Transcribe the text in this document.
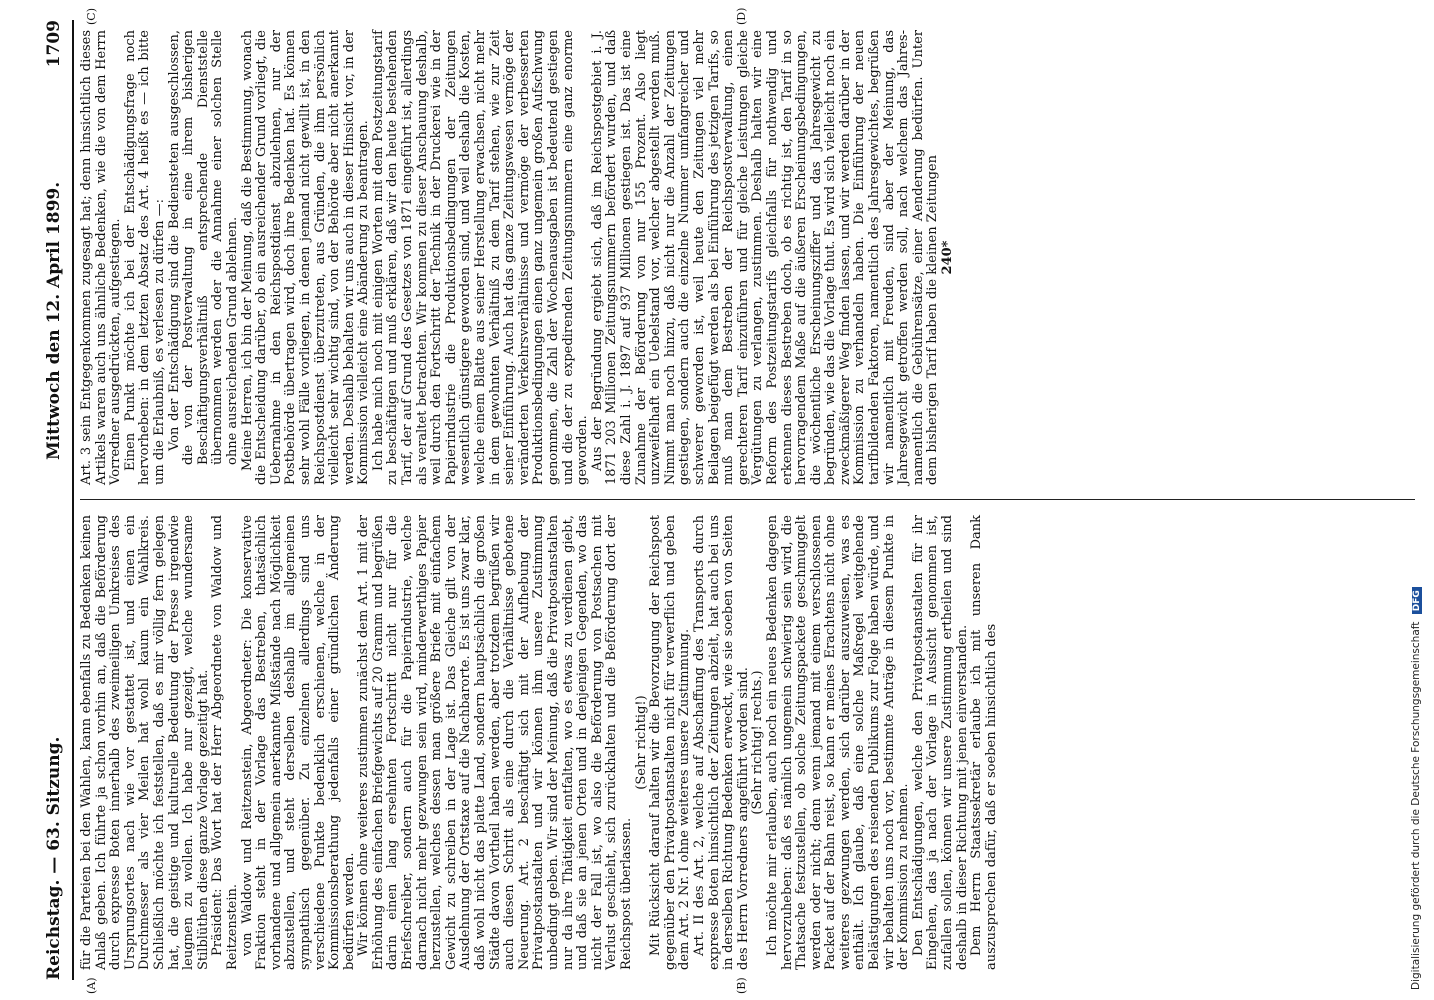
Reichstag. — 63. Sitzung.
Mittwoch den 12. April 1899.
1709

für die Parteien bei den Wahlen, kann ebenfalls zu Bedenken keinen Anlaß geben. Ich führte ja schon vorhin an, daß die Beförderung durch expresse Boten innerhalb des zweimeiligen Umkreises des Ursprungsortes nach wie vor gestattet ist, und einen ein Durchmesser als vier Meilen hat wohl kaum ein Wahlkreis. Schließlich möchte ich feststellen, daß es mir völlig fern gelegen hat, die geistige und kulturelle Bedeutung der Presse irgendwie leugnen zu wollen. Ich habe nur gezeigt, welche wundersame Stilblüthen diese ganze Vorlage gezeitigt hat. Präsident: Das Wort hat der Herr Abgeordnete von Waldow und Reitzenstein. von Waldow und Reitzenstein, Abgeordneter: Die konservative Fraktion steht in der Vorlage das Bestreben, thatsächlich vorhandene und allgemein anerkannte Mißstände nach Möglichkeit abzustellen, und steht derselben deshalb im allgemeinen sympathisch gegenüber. Zu einzelnen allerdings sind uns verschiedene Punkte bedenklich erschienen, welche in der Kommissionsberathung jedenfalls einer gründlichen Änderung bedürfen werden. Wir können ohne weiteres zustimmen zunächst dem Art. 1 mit der Erhöhung des einfachen Briefgewichts auf 20 Gramm und begrüßen darin einen lang ersehnten Fortschritt nicht nur für die Briefschreiber, sondern auch für die Papierindustrie, welche darnach nicht mehr gezwungen sein wird, minderwerthiges Papier herzustellen, welches dessen man größere Briefe mit einfachem Gewicht zu schreiben in der Lage ist. Das Gleiche gilt von der Ausdehnung der Ortstaxe auf die Nachbarorte. Es ist uns zwar klar, daß wohl nicht das platte Land, sondern hauptsächlich die großen Städte davon Vortheil haben werden, aber trotzdem begrüßen wir auch diesen Schritt als eine durch die Verhältnisse gebotene Neuerung. Art. 2 beschäftigt sich mit der Aufhebung der Privatpostanstalten und wir können ihm unsere Zustimmung unbedingt geben. Wir sind der Meinung, daß die Privatpostanstalten nur da ihre Thätigkeit entfalten, wo es etwas zu verdienen giebt, und daß sie an jenen Orten und in denjenigen Gegenden, wo das nicht der Fall ist, wo also die Beförderung von Postsachen mit Verlust geschieht, sich zurückhalten und die Beförderung dort der Reichspost überlassen.

(Sehr richtig!) Mit Rücksicht darauf halten wir die Bevorzugung der Reichspost gegenüber den Privatpostanstalten nicht für verwerflich und geben dem Art. 2 Nr. I ohne weiteres unsere Zustimmung. Art. II des Art. 2, welche auf Abschaffung des Transports durch expresse Boten hinsichtlich der Zeitungen abzielt, hat auch bei uns in derselben Richtung Bedenken erweckt, wie sie soeben von Seiten des Herrn Vorredners angeführt worden sind. (Sehr richtig! rechts.) Ich möchte mir erlauben, auch noch ein neues Bedenken dagegen hervorzuheben: daß es nämlich ungemein schwierig sein wird, die Thatsache festzustellen, ob solche Zeitungspackete geschmuggelt werden oder nicht; denn wenn jemand mit einem verschlossenen Packet auf der Bahn reist, so kann er meines Erachtens nicht ohne weiteres gezwungen werden, sich darüber auszuweisen, was es enthält. Ich glaube, daß eine solche Maßregel weitgehende Belästigungen des reisenden Publikums zur Folge haben würde, und wir behalten uns noch vor, bestimmte Anträge in diesem Punkte in der Kommission zu nehmen. Den Entschädigungen, welche den Privatpostanstalten für ihr Eingehen, das ja nach der Vorlage in Aussicht genommen ist, zufallen sollen, können wir unsere Zustimmung ertheilen und sind deshalb in dieser Richtung mit jenen einverstanden. Dem Herrn Staatssekretär erlaube ich mit unseren Dank auszusprechen dafür, daß er soeben hinsichtlich des

Art. 3 sein Entgegenkommen zugesagt hat; denn hinsichtlich dieses Artikels waren auch uns ähnliche Bedenken, wie die von dem Herrn Vorredner ausgedrückten, aufgestiegen. Einen Punkt möchte ich bei der Entschädigungsfrage noch hervorheben: in dem letzten Absatz des Art. 4 heißt es — ich bitte um die Erlaubniß, es verlesen zu dürfen —: Von der Entschädigung sind die Bediensteten ausgeschlossen, die von der Postverwaltung in eine ihrem bisherigen Beschäftigungsverhältniß entsprechende Dienststelle übernommen werden oder die Annahme einer solchen Stelle ohne ausreichenden Grund ablehnen. Meine Herren, ich bin der Meinung, daß die Bestimmung, wonach die Entscheidung darüber, ob ein ausreichender Grund vorliegt, die Uebernahme in den Reichspostdienst abzulehnen, nur der Postbehörde übertragen wird, doch ihre Bedenken hat. Es können sehr wohl Fälle vorliegen, in denen jemand nicht gewillt ist, in den Reichspostdienst überzutreten, aus Gründen, die ihm persönlich vielleicht sehr wichtig sind, von der Behörde aber nicht anerkannt werden. Deshalb behalten wir uns auch in dieser Hinsicht vor, in der Kommission vielleicht eine Abänderung zu beantragen. Ich habe mich noch mit einigen Worten mit dem Postzeitungstarif zu beschäftigen und muß erklären, daß wir den heute bestehenden Tarif, der auf Grund des Gesetzes von 1871 eingeführt ist, allerdings als veraltet betrachten. Wir kommen zu dieser Anschauung deshalb, weil durch den Fortschritt der Technik in der Druckerei wie in der Papierindustrie die Produktionsbedingungen der Zeitungen wesentlich günstigere geworden sind, und weil deshalb die Kosten, welche einem Blatte aus seiner Herstellung erwachsen, nicht mehr in dem gewohnten Verhältniß zu dem Tarif stehen, wie zur Zeit seiner Einführung. Auch hat das ganze Zeitungswesen vermöge der veränderten Verkehrsverhältnisse und vermöge der verbesserten Produktionsbedingungen einen ganz ungemein großen Aufschwung genommen, die Zahl der Wochenausgaben ist bedeutend gestiegen und die der zu expedirenden Zeitungsnummern eine ganz enorme geworden. Aus der Begründung ergiebt sich, daß im Reichspostgebiet i. J. 1871 203 Millionen Zeitungsnummern befördert wurden, und daß diese Zahl i. J. 1897 auf 937 Millionen gestiegen ist. Das ist eine Zunahme der Beförderung von nur 155 Prozent. Also liegt unzweifelhaft ein Uebelstand vor, welcher abgestellt werden muß. Nimmt man noch hinzu, daß nicht nur die Anzahl der Zeitungen gestiegen, sondern auch die einzelne Nummer umfangreicher und schwerer geworden ist, weil heute den Zeitungen viel mehr Beilagen beigefügt werden als bei Einführung des jetzigen Tarifs, so muß man dem Bestreben der Reichspostverwaltung, einen gerechteren Tarif einzuführen und für gleiche Leistungen gleiche Vergütungen zu verlangen, zustimmen. Deshalb halten wir eine Reform des Postzeitungstarifs gleichfalls für nothwendig und erkennen dieses Bestreben doch, ob es richtig ist, den Tarif in so hervorragendem Maße auf die äußeren Erscheinungsbedingungen, die wöchentliche Erscheinungsziffer und das Jahresgewicht zu begründen, wie das die Vorlage thut. Es wird sich vielleicht noch ein zweckmäßigerer Weg finden lassen, und wir werden darüber in der Kommission zu verhandeln haben. Die Einführung der neuen tarifbildenden Faktoren, namentlich des Jahresgewichtes, begrüßen wir namentlich mit Freuden, sind aber der Meinung, das Jahresgewicht getroffen werden soll, nach welchem das Jahres- namentlich die Gebührensätze, einer Aenderung bedürfen. Unter dem bisherigen Tarif haben die kleinen Zeitungen 240*

(A)	(B)
(C)	(D)
Digitalisierung gefördert durch die Deutsche Forschungsgemeinschaft DFG
